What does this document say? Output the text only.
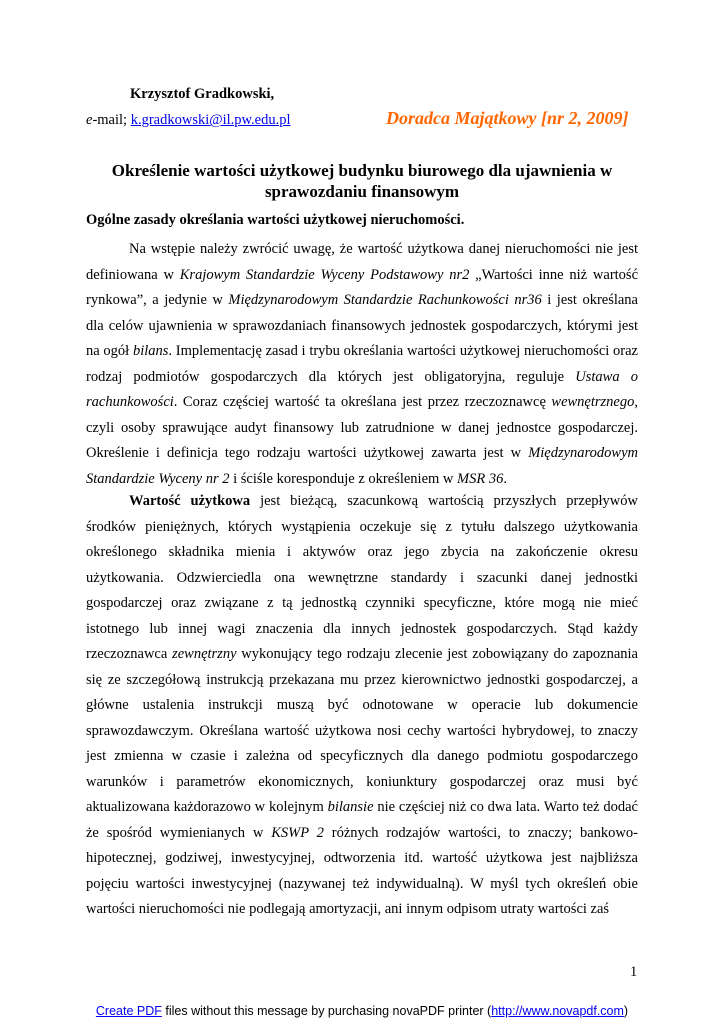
Krzysztof Gradkowski,
e-mail; k.gradkowski@il.pw.edu.pl	Doradca Majątkowy [nr 2, 2009]
Określenie wartości użytkowej budynku biurowego dla ujawnienia w sprawozdaniu finansowym
Ogólne zasady określania wartości użytkowej nieruchomości.

Na wstępie należy zwrócić uwagę, że wartość użytkowa danej nieruchomości nie jest definiowana w Krajowym Standardzie Wyceny Podstawowy nr2 „Wartości inne niż wartość rynkowa”, a jedynie w Międzynarodowym Standardzie Rachunkowości nr36 i jest określana dla celów ujawnienia w sprawozdaniach finansowych jednostek gospodarczych, którymi jest na ogół bilans. Implementację zasad i trybu określania wartości użytkowej nieruchomości oraz rodzaj podmiotów gospodarczych dla których jest obligatoryjna, reguluje Ustawa o rachunkowości. Coraz częściej wartość ta określana jest przez rzeczoznawcę wewnętrznego, czyli osoby sprawujące audyt finansowy lub zatrudnione w danej jednostce gospodarczej. Określenie i definicja tego rodzaju wartości użytkowej zawarta jest w Międzynarodowym Standardzie Wyceny nr 2 i ściśle koresponduje z określeniem w MSR 36.

Wartość użytkowa jest bieżącą, szacunkową wartością przyszłych przepływów środków pieniężnych, których wystąpienia oczekuje się z tytułu dalszego użytkowania określonego składnika mienia i aktywów oraz jego zbycia na zakończenie okresu użytkowania. Odzwierciedla ona wewnętrzne standardy i szacunki danej jednostki gospodarczej oraz związane z tą jednostką czynniki specyficzne, które mogą nie mieć istotnego lub innej wagi znaczenia dla innych jednostek gospodarczych. Stąd każdy rzeczoznawca zewnętrzny wykonujący tego rodzaju zlecenie jest zobowiązany do zapoznania się ze szczegółową instrukcją przekazana mu przez kierownictwo jednostki gospodarczej, a główne ustalenia instrukcji muszą być odnotowane w operacie lub dokumencie sprawozdawczym. Określana wartość użytkowa nosi cechy wartości hybrydowej, to znaczy jest zmienna w czasie i zależna od specyficznych dla danego podmiotu gospodarczego warunków i parametrów ekonomicznych, koniunktury gospodarczej oraz musi być aktualizowana każdorazowo w kolejnym bilansie nie częściej niż co dwa lata. Warto też dodać że spośród wymienianych w KSWP 2 różnych rodzajów wartości, to znaczy; bankowo-hipotecznej, godziwej, inwestycyjnej, odtworzenia itd. wartość użytkowa jest najbliższa pojęciu wartości inwestycyjnej (nazywanej też indywidualną). W myśl tych określeń obie wartości nieruchomości nie podlegają amortyzacji, ani innym odpisom utraty wartości zaś

1
Create PDF files without this message by purchasing novaPDF printer (http://www.novapdf.com)
